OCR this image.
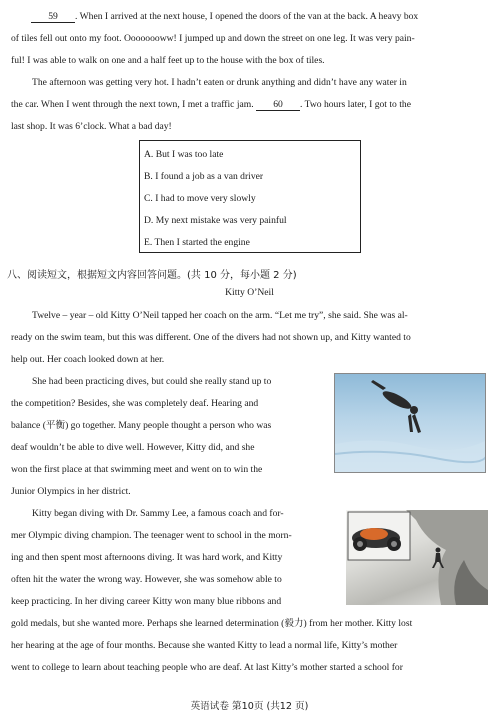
59 . When I arrived at the next house, I opened the doors of the van at the back. A heavy box
of tiles fell out onto my foot. Oooooooww! I jumped up and down the street on one leg. It was very pain-
ful! I was able to walk on one and a half feet up to the house with the box of tiles.
The afternoon was getting very hot. I hadn’t eaten or drunk anything and didn’t have any water in
the car. When I went through the next town, I met a traffic jam. 60 . Two hours later, I got to the
last shop. It was 6’clock. What a bad day!
A. But I was too late
B. I found a job as a van driver
C. I had to move very slowly
D. My next mistake was very painful
E. Then I started the engine
八、阅读短文，根据短文内容回答问题。(共 10 分，每小题 2 分)
Kitty O’Neil
Twelve – year – old Kitty O’Neil tapped her coach on the arm. “Let me try”, she said. She was al-
ready on the swim team, but this was different. One of the divers had not shown up, and Kitty wanted to
help out. Her coach looked down at her.
She had been practicing dives, but could she really stand up to
the competition? Besides, she was completely deaf. Hearing and
balance (平衡) go together. Many people thought a person who was
deaf wouldn’t be able to dive well. However, Kitty did, and she
won the first place at that swimming meet and went on to win the
Junior Olympics in her district.
Kitty began diving with Dr. Sammy Lee, a famous coach and for-
mer Olympic diving champion. The teenager went to school in the morn-
ing and then spent most afternoons diving. It was hard work, and Kitty
often hit the water the wrong way. However, she was somehow able to
keep practicing. In her diving career Kitty won many blue ribbons and
gold medals, but she wanted more. Perhaps she learned determination (毅力) from her mother. Kitty lost
her hearing at the age of four months. Because she wanted Kitty to lead a normal life, Kitty’s mother
went to college to learn about teaching people who are deaf. At last Kitty’s mother started a school for
英语试卷 第10页 (共12 页)
